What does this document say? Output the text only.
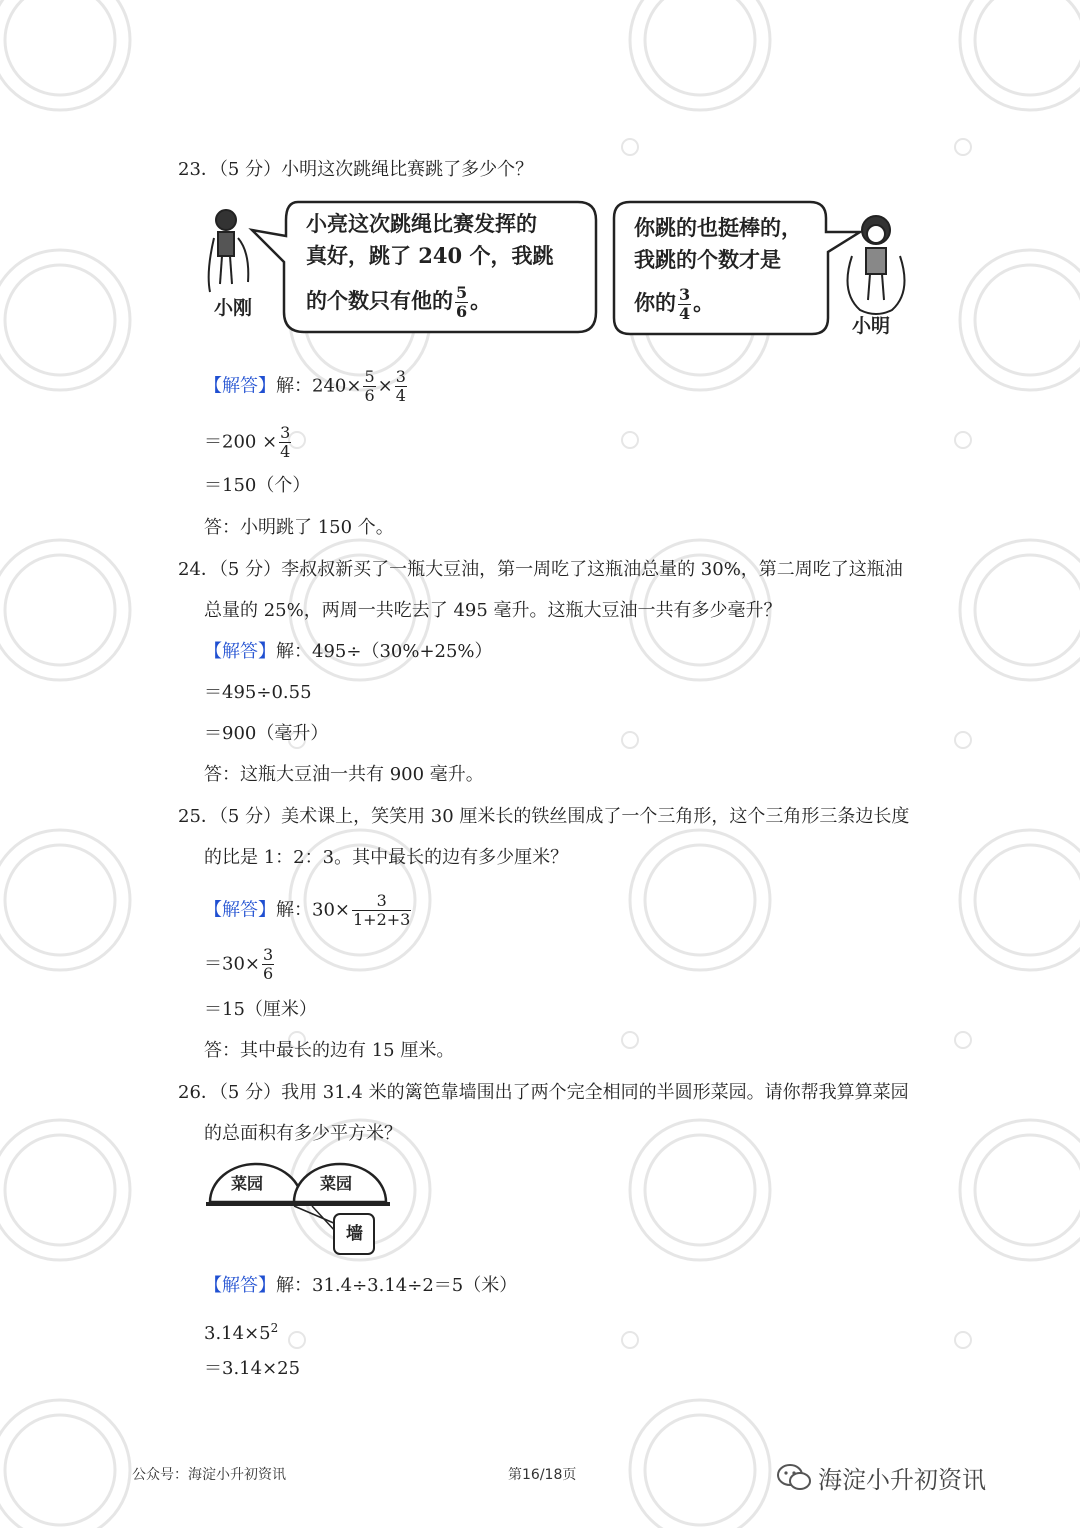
23．（5 分）小明这次跳绳比赛跳了多少个？
小亮这次跳绳比赛发挥的
真好，跳了 240 个，我跳
的个数只有他的 $\frac{5}{6}$ 。
小刚
你跳的也挺棒的，
我跳的个数才是
你的 $\frac{3}{4}$ 。
小明
【解答】解：$240\times \frac{5}{6} \times \frac{3}{4}$
$=200 \times \frac{3}{4}$
＝150（个）
答：小明跳了 150 个。
24．（5 分）李叔叔新买了一瓶大豆油，第一周吃了这瓶油总量的 30%，第二周吃了这瓶油
总量的 25%，两周一共吃去了 495 毫升。这瓶大豆油一共有多少毫升？
【解答】解：495÷（30%+25%）
＝495÷0.55
＝900（毫升）
答：这瓶大豆油一共有 900 毫升。
25．（5 分）美术课上，笑笑用 30 厘米长的铁丝围成了一个三角形，这个三角形三条边长度
的比是 1：2：3。其中最长的边有多少厘米？
【解答】解：$30\times \frac{3}{1+2+3}$
$=30\times \frac{3}{6}$
＝15（厘米）
答：其中最长的边有 15 厘米。
26．（5 分）我用 31.4 米的篱笆靠墙围出了两个完全相同的半圆形菜园。请你帮我算算菜园
的总面积有多少平方米？
菜园	菜园
墙
【解答】解：31.4÷3.14÷2＝5（米）
$3.14\times 5^2$
＝3.14×25
公众号：海淀小升初资讯	第16/18页	海淀小升初资讯
